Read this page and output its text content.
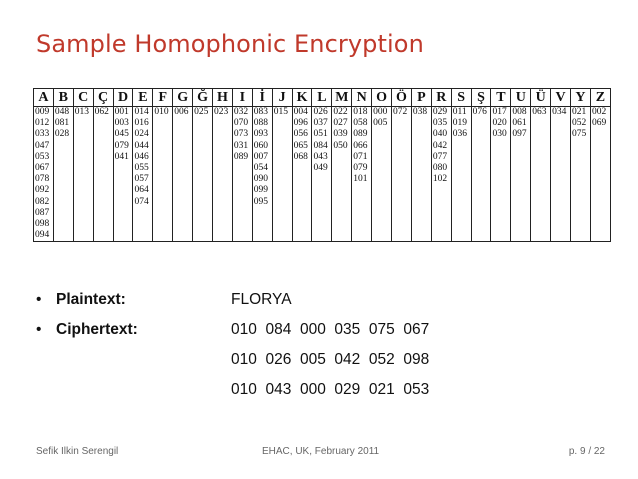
Sample Homophonic Encryption
A	B	C	Ç	D	E	F	G	Ğ	H	I	İ	J	K	L	M	N	O	Ö	P	R	S	Ş	T	U	Ü	V	Y	Z
009	048	013	062	001	014	010	006	025	023	032	083	015	004	026	022	018	000	072	038	029	011	076	017	008	063	034	021	002
012	081			003	016					070	088		096	037	027	058	005			035	019		020	061			052	069
033	028			045	024					073	093		056	051	039	089				040	036		030	097			075	
047				079	044					031	060		065	084	050	066				042								
053				041	046					089	007		068	043		071				077								
067					055						054			049		079				080								
078					057						090					101				102								
092					064						099																	
082					074						095																	
087																												
098																												
094																												
• Plaintext:	FLORYA
• Ciphertext:	010  084  000  035  075  067
010  026  005  042  052  098
010  043  000  029  021  053
Sefik Ilkin Serengil	EHAC, UK, February 2011	p. 9 / 22
